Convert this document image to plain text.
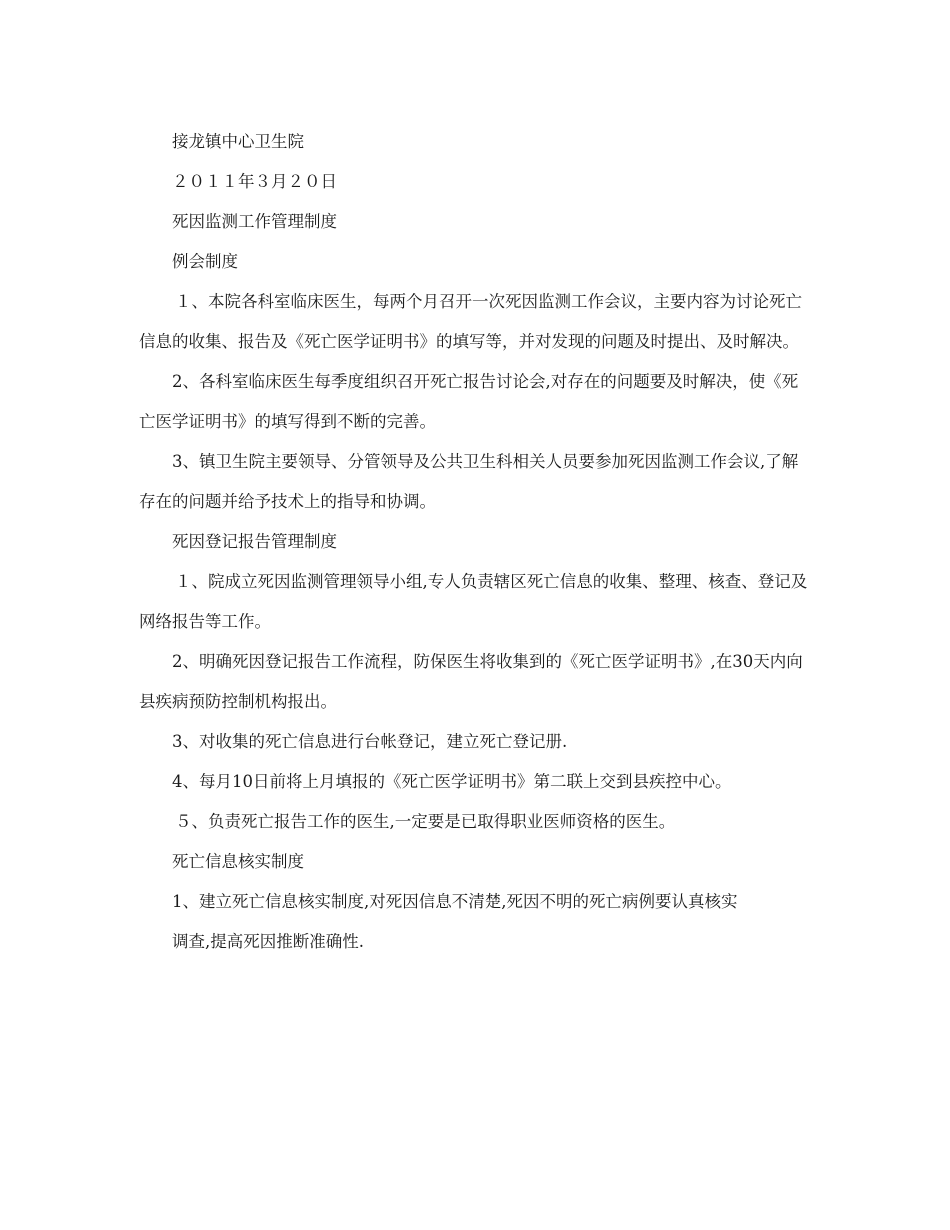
接龙镇中心卫生院

２０１１年３月２０日

死因监测工作管理制度

例会制度

１、本院各科室临床医生，每两个月召开一次死因监测工作会议，主要内容为讨论死亡信息的收集、报告及《死亡医学证明书》的填写等，并对发现的问题及时提出、及时解决。

2、各科室临床医生每季度组织召开死亡报告讨论会,对存在的问题要及时解决，使《死亡医学证明书》的填写得到不断的完善。

3、镇卫生院主要领导、分管领导及公共卫生科相关人员要参加死因监测工作会议,了解存在的问题并给予技术上的指导和协调。

死因登记报告管理制度

１、院成立死因监测管理领导小组,专人负责辖区死亡信息的收集、整理、核查、登记及网络报告等工作。

2、明确死因登记报告工作流程，防保医生将收集到的《死亡医学证明书》,在30天内向县疾病预防控制机构报出。

3、对收集的死亡信息进行台帐登记，建立死亡登记册.

4、每月10日前将上月填报的《死亡医学证明书》第二联上交到县疾控中心。

５、负责死亡报告工作的医生,一定要是已取得职业医师资格的医生。

死亡信息核实制度

1、建立死亡信息核实制度,对死因信息不清楚,死因不明的死亡病例要认真核实

调查,提高死因推断准确性.
